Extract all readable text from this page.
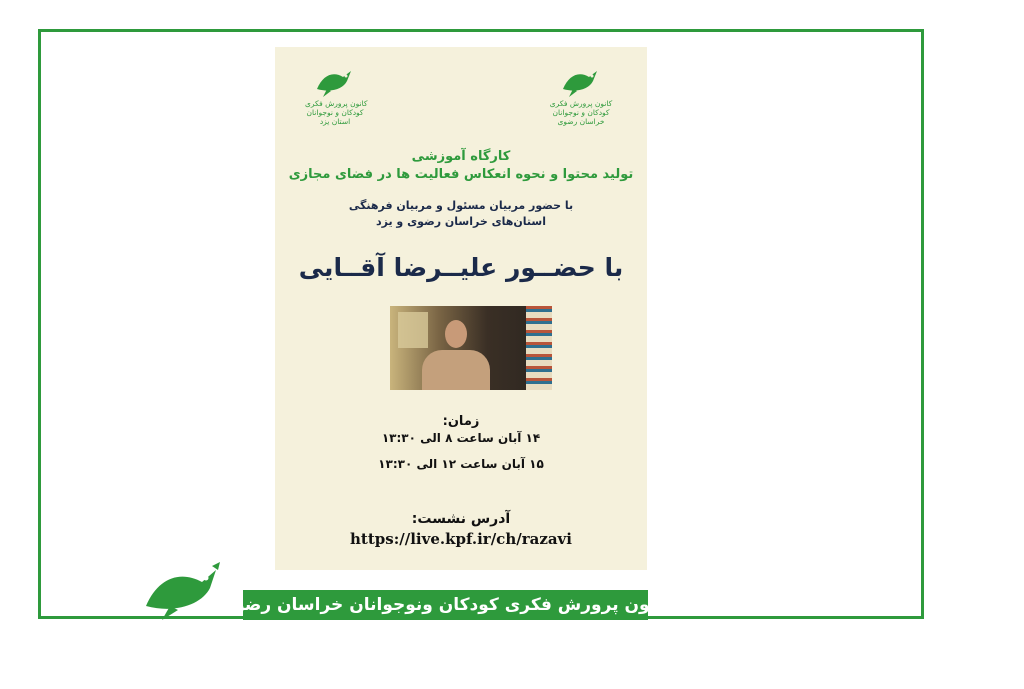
کانون پرورش فکری
کودکان و نوجوانان
استان یزد
کانون پرورش فکری
کودکان و نوجوانان
خراسان رضوی
کارگاه آموزشی
تولید محتوا و نحوه انعکاس فعالیت ها در فضای مجازی
با حضور مربیان مسئول و مربیان فرهنگی
استان‌های خراسان رضوی و یزد
با حضــور علیــرضا آقــایی
زمان:
۱۴ آبان ساعت ۸ الی ۱۳:۳۰
۱۵ آبان ساعت ۱۲ الی ۱۳:۳۰
آدرس نشست:
https://live.kpf.ir/ch/razavi
کانون پرورش فکری کودکان ونوجوانان خراسان رضوی
